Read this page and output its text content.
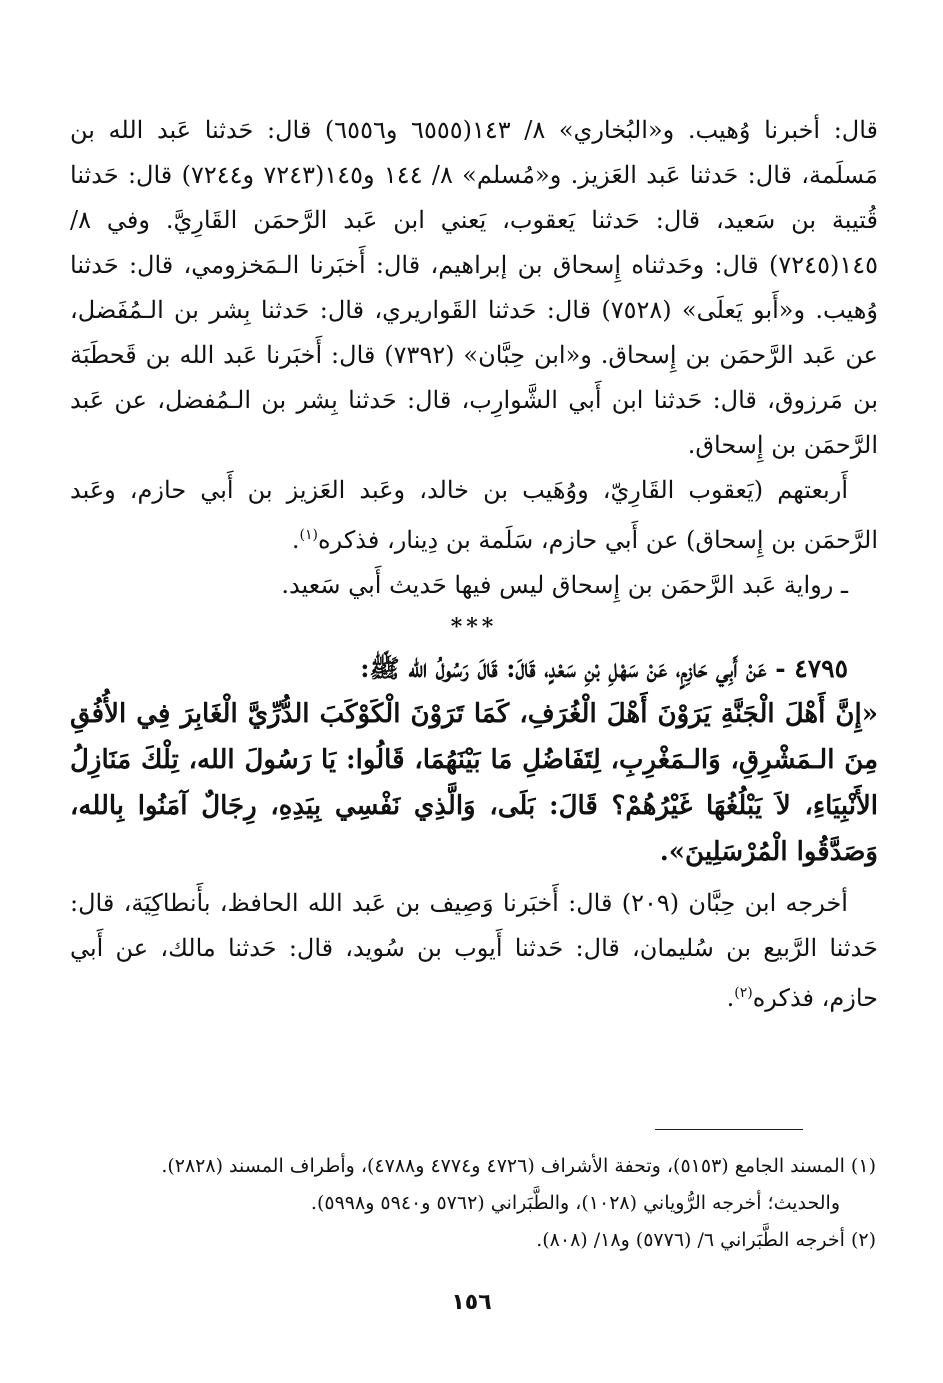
قال: أخبرنا وُهيب. و«البُخاري» ٨/ ١٤٣(٦٥٥٥ و٦٥٥٦) قال: حَدثنا عَبد الله بن مَسلَمة، قال: حَدثنا عَبد العَزيز. و«مُسلم» ٨/ ١٤٤ و١٤٥(٧٢٤٣ و٧٢٤٤) قال: حَدثنا قُتيبة بن سَعيد، قال: حَدثنا يَعقوب، يَعني ابن عَبد الرَّحمَن القَارِيَّ. وفي ٨/ ١٤٥(٧٢٤٥) قال: وحَدثناه إِسحاق بن إبراهيم، قال: أَخبَرنا الـمَخزومي، قال: حَدثنا وُهيب. و«أَبو يَعلَى» (٧٥٢٨) قال: حَدثنا القَواريري، قال: حَدثنا بِشر بن الـمُفَضل، عن عَبد الرَّحمَن بن إِسحاق. و«ابن حِبَّان» (٧٣٩٢) قال: أَخبَرنا عَبد الله بن قَحطَبَة بن مَرزوق، قال: حَدثنا ابن أَبي الشَّوارِب، قال: حَدثنا بِشر بن الـمُفضل، عن عَبد الرَّحمَن بن إِسحاق.

أَربعتهم (يَعقوب القَارِيّ، ووُهَيب بن خالد، وعَبد العَزيز بن أَبي حازم، وعَبد الرَّحمَن بن إِسحاق) عن أَبي حازم، سَلَمة بن دِينار، فذكره$^{(١)}$.

ـ رواية عَبد الرَّحمَن بن إِسحاق ليس فيها حَديث أَبي سَعيد.

***

٤٧٩٥ - عَنْ أَبِي حَازِمٍ، عَنْ سَهْلِ بْنِ سَعْدٍ، قَالَ: قَالَ رَسُولُ الله ﷺ:

«إِنَّ أَهْلَ الْجَنَّةِ يَرَوْنَ أَهْلَ الْغُرَفِ، كَمَا تَرَوْنَ الْكَوْكَبَ الدُّرِّيَّ الْغَابِرَ فِي الأُفُقِ مِنَ الـمَشْرِقِ، وَالـمَغْرِبِ، لِتَفَاضُلِ مَا بَيْنَهُمَا، قَالُوا: يَا رَسُولَ الله، تِلْكَ مَنَازِلُ الأَنْبِيَاءِ، لاَ يَبْلُغُهَا غَيْرُهُمْ؟ قَالَ: بَلَى، وَالَّذِي نَفْسِي بِيَدِهِ، رِجَالٌ آمَنُوا بِالله، وَصَدَّقُوا الْمُرْسَلِينَ».

أخرجه ابن حِبَّان (٢٠٩) قال: أَخبَرنا وَصِيف بن عَبد الله الحافظ، بأَنطاكِيَة، قال: حَدثنا الرَّبيع بن سُليمان، قال: حَدثنا أَيوب بن سُويد، قال: حَدثنا مالك، عن أَبي حازم، فذكره$^{(٢)}$.

(١) المسند الجامع (٥١٥٣)، وتحفة الأشراف (٤٧٢٦ و٤٧٧٤ و٤٧٨٨)، وأطراف المسند (٢٨٢٨).

والحديث؛ أخرجه الرُّوياني (١٠٢٨)، والطَّبَراني (٥٧٦٢ و٥٩٤٠ و٥٩٩٨).

(٢) أخرجه الطَّبَراني ٦/ (٥٧٧٦) و١٨/ (٨٠٨).

١٥٦
